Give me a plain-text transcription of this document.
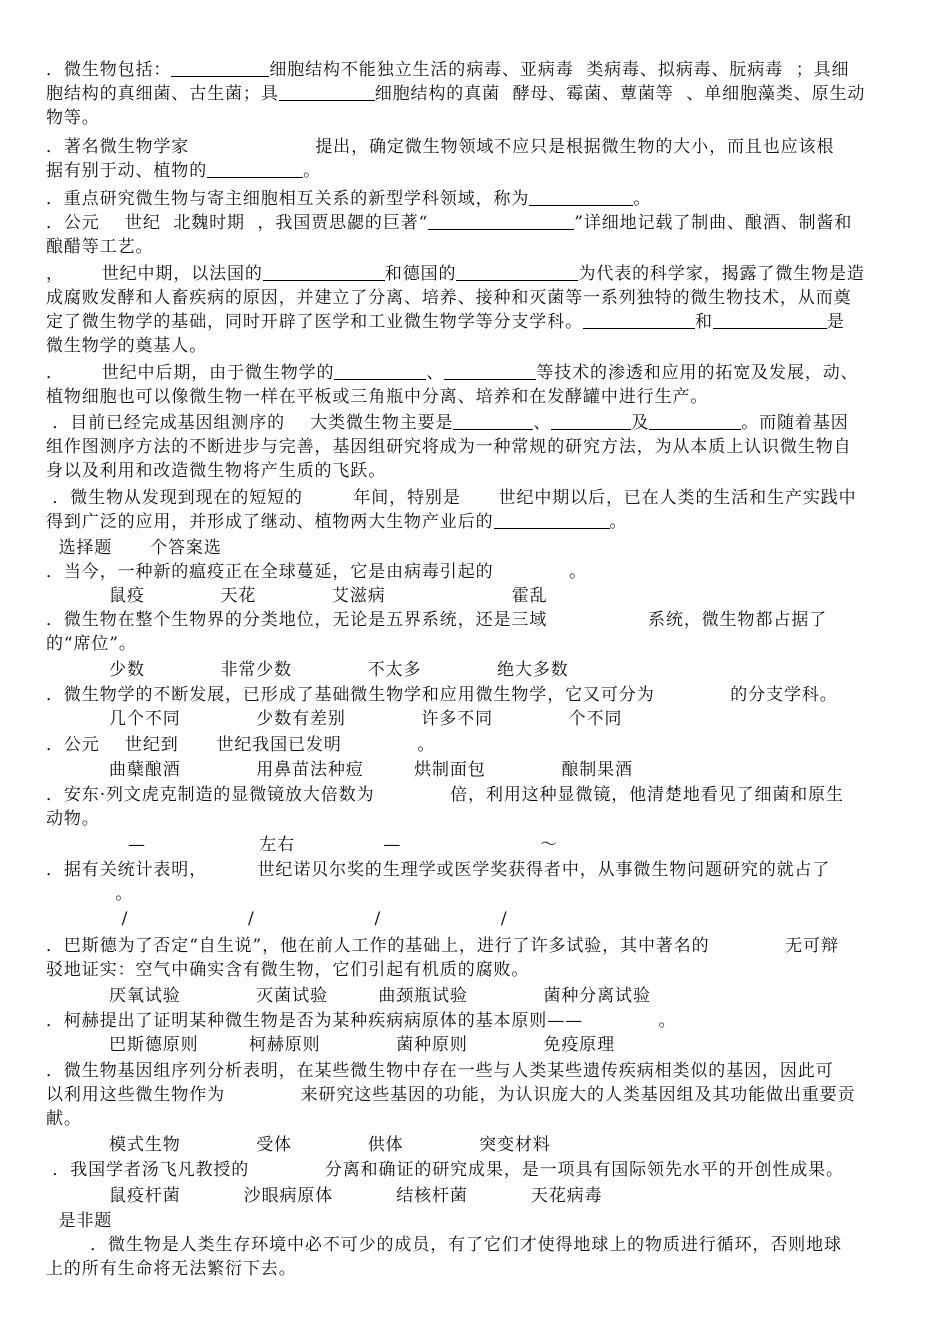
．微生物包括：	细胞结构不能独立生活的病毒、亚病毒  类病毒、拟病毒、朊病毒  ；具细
胞结构的真细菌、古生菌；具	细胞结构的真菌  酵母、霉菌、蕈菌等  、单细胞藻类、原生动
物等。
．著名微生物学家                    提出，确定微生物领域不应只是根据微生物的大小，而且也应该根
据有别于动、植物的	。
．重点研究微生物与寄主细胞相互关系的新型学科领域，称为	。
．公元    世纪  北魏时期  ，我国贾思勰的巨著“	”详细地记载了制曲、酿酒、制酱和
酿醋等工艺。
，      世纪中期，以法国的	和德国的	为代表的科学家，揭露了微生物是造
成腐败发酵和人畜疾病的原因，并建立了分离、培养、接种和灭菌等一系列独特的微生物技术，从而奠
定了微生物学的基础，同时开辟了医学和工业微生物学等分支学科。	和	是
微生物学的奠基人。
．      世纪中后期，由于微生物学的	、	等技术的渗透和应用的拓宽及发展，动、
植物细胞也可以像微生物一样在平板或三角瓶中分离、培养和在发酵罐中进行生产。
．目前已经完成基因组测序的    大类微生物主要是	、	及	。而随着基因
组作图测序方法的不断进步与完善，基因组研究将成为一种常规的研究方法，为从本质上认识微生物自
身以及利用和改造微生物将产生质的飞跃。
．微生物从发现到现在的短短的        年间，特别是      世纪中期以后，已在人类的生活和生产实践中
得到广泛的应用，并形成了继动、植物两大生物产业后的	。
选择题      个答案选
．当今，一种新的瘟疫正在全球蔓延，它是由病毒引起的            。
鼠疫            天花            艾滋病                    霍乱
．微生物在整个生物界的分类地位，无论是五界系统，还是三域                系统，微生物都占据了
的“席位”。
少数            非常少数            不太多            绝大多数
．微生物学的不断发展，已形成了基础微生物学和应用微生物学，它又可分为            的分支学科。
几个不同            少数有差别            许多不同            个不同
．公元    世纪到      世纪我国已发明            。
曲蘖酿酒            用鼻苗法种痘        烘制面包            酿制果酒
．安东·列文虎克制造的显微镜放大倍数为            倍，利用这种显微镜，他清楚地看见了细菌和原生
动物。
—                  左右              —                      ～
．据有关统计表明，        世纪诺贝尔奖的生理学或医学奖获得者中，从事微生物问题研究的就占了
。
/                   /                   /                   /
．巴斯德为了否定“自生说”，他在前人工作的基础上，进行了许多试验，其中著名的            无可辩
驳地证实：空气中确实含有微生物，它们引起有机质的腐败。
厌氧试验            灭菌试验        曲颈瓶试验            菌种分离试验
．柯赫提出了证明某种微生物是否为某种疾病病原体的基本原则——            。
巴斯德原则        柯赫原则            菌种原则            免疫原理
．微生物基因组序列分析表明，在某些微生物中存在一些与人类某些遗传疾病相类似的基因，因此可
以利用这些微生物作为            来研究这些基因的功能，为认识庞大的人类基因组及其功能做出重要贡
献。
模式生物            受体            供体            突变材料
．我国学者汤飞凡教授的            分离和确证的研究成果，是一项具有国际领先水平的开创性成果。
鼠疫杆菌          沙眼病原体          结核杆菌          天花病毒
是非题
．微生物是人类生存环境中必不可少的成员，有了它们才使得地球上的物质进行循环，否则地球
上的所有生命将无法繁衍下去。
